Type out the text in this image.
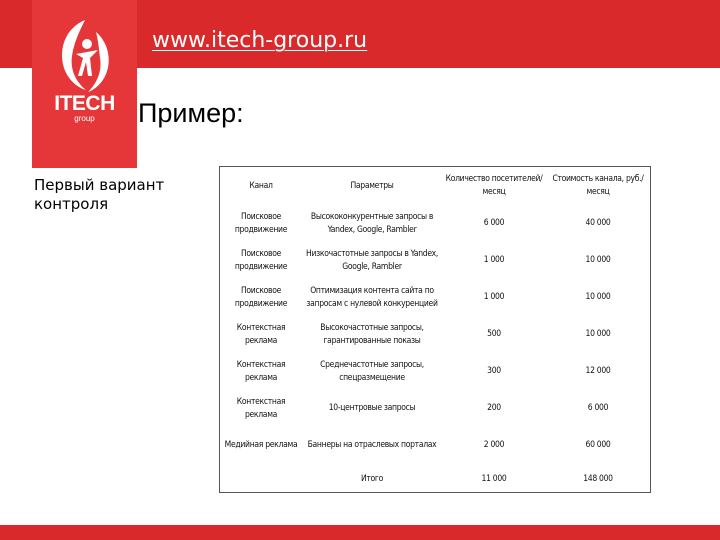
ITECH
group
www.itech-group.ru
Пример:
Первый вариант контроля
Канал	Параметры	Количество посетителей/месяц	Стоимость канала, руб./месяц
Поисковое продвижение	Высококонкурентные запросы в Yandex, Google, Rambler	6 000	40 000
Поисковое продвижение	Низкочастотные запросы в Yandex, Google, Rambler	1 000	10 000
Поисковое продвижение	Оптимизация контента сайта по запросам с нулевой конкуренцией	1 000	10 000
Контекстная реклама	Высокочастотные запросы, гарантированные показы	500	10 000
Контекстная реклама	Среднечастотные запросы, спецразмещение	300	12 000
Контекстная реклама	10-центровые запросы	200	6 000
Медийная реклама	Баннеры на отраслевых порталах	2 000	60 000
	Итого	11 000	148 000
